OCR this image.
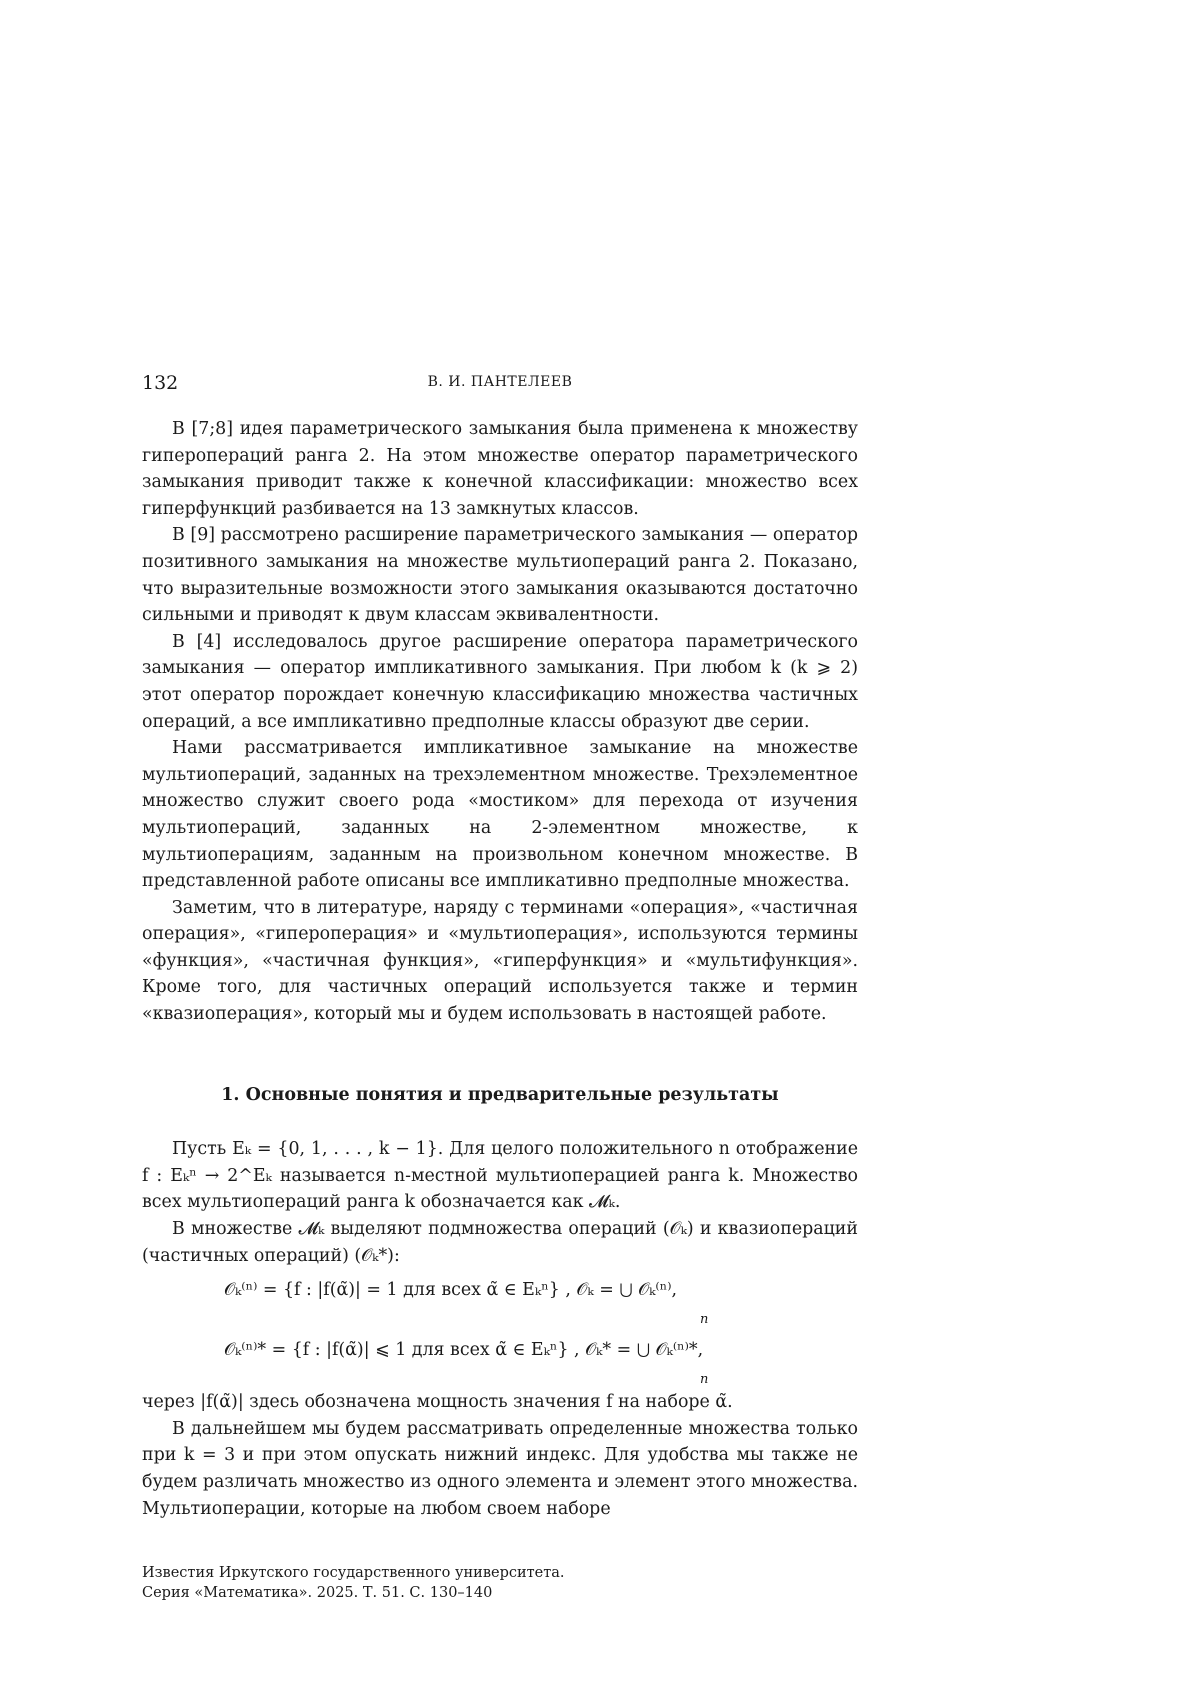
132	В. И. ПАНТЕЛЕЕВ

В [7;8] идея параметрического замыкания была применена к множеству гиперопераций ранга 2. На этом множестве оператор параметрического замыкания приводит также к конечной классификации: множество всех гиперфункций разбивается на 13 замкнутых классов.

В [9] рассмотрено расширение параметрического замыкания — оператор позитивного замыкания на множестве мультиопераций ранга 2. Показано, что выразительные возможности этого замыкания оказываются достаточно сильными и приводят к двум классам эквивалентности.

В [4] исследовалось другое расширение оператора параметрического замыкания — оператор импликативного замыкания. При любом k (k ⩾ 2) этот оператор порождает конечную классификацию множества частичных операций, а все импликативно предполные классы образуют две серии.

Нами рассматривается импликативное замыкание на множестве мультиопераций, заданных на трехэлементном множестве. Трехэлементное множество служит своего рода «мостиком» для перехода от изучения мультиопераций, заданных на 2-элементном множестве, к мультиоперациям, заданным на произвольном конечном множестве. В представленной работе описаны все импликативно предполные множества.

Заметим, что в литературе, наряду с терминами «операция», «частичная операция», «гипероперация» и «мультиоперация», используются термины «функция», «частичная функция», «гиперфункция» и «мультифункция». Кроме того, для частичных операций используется также и термин «квазиоперация», который мы и будем использовать в настоящей работе.

1. Основные понятия и предварительные результаты

Пусть Eₖ = {0, 1, . . . , k − 1}. Для целого положительного n отображение f : Eₖⁿ → 2^Eₖ называется n-местной мультиоперацией ранга k. Множество всех мультиопераций ранга k обозначается как 𝓜ₖ.

В множестве 𝓜ₖ выделяют подмножества операций (𝒪ₖ) и квазиопераций (частичных операций) (𝒪ₖ*):

𝒪ₖ⁽ⁿ⁾ = {f : |f(α̃)| = 1 для всех α̃ ∈ Eₖⁿ} , 𝒪ₖ = ⋃ 𝒪ₖ⁽ⁿ⁾,
n
𝒪ₖ⁽ⁿ⁾* = {f : |f(α̃)| ⩽ 1 для всех α̃ ∈ Eₖⁿ} , 𝒪ₖ* = ⋃ 𝒪ₖ⁽ⁿ⁾*,
n

через |f(α̃)| здесь обозначена мощность значения f на наборе α̃.

В дальнейшем мы будем рассматривать определенные множества только при k = 3 и при этом опускать нижний индекс. Для удобства мы также не будем различать множество из одного элемента и элемент этого множества. Мультиоперации, которые на любом своем наборе

Известия Иркутского государственного университета.
Серия «Математика». 2025. Т. 51. С. 130–140
